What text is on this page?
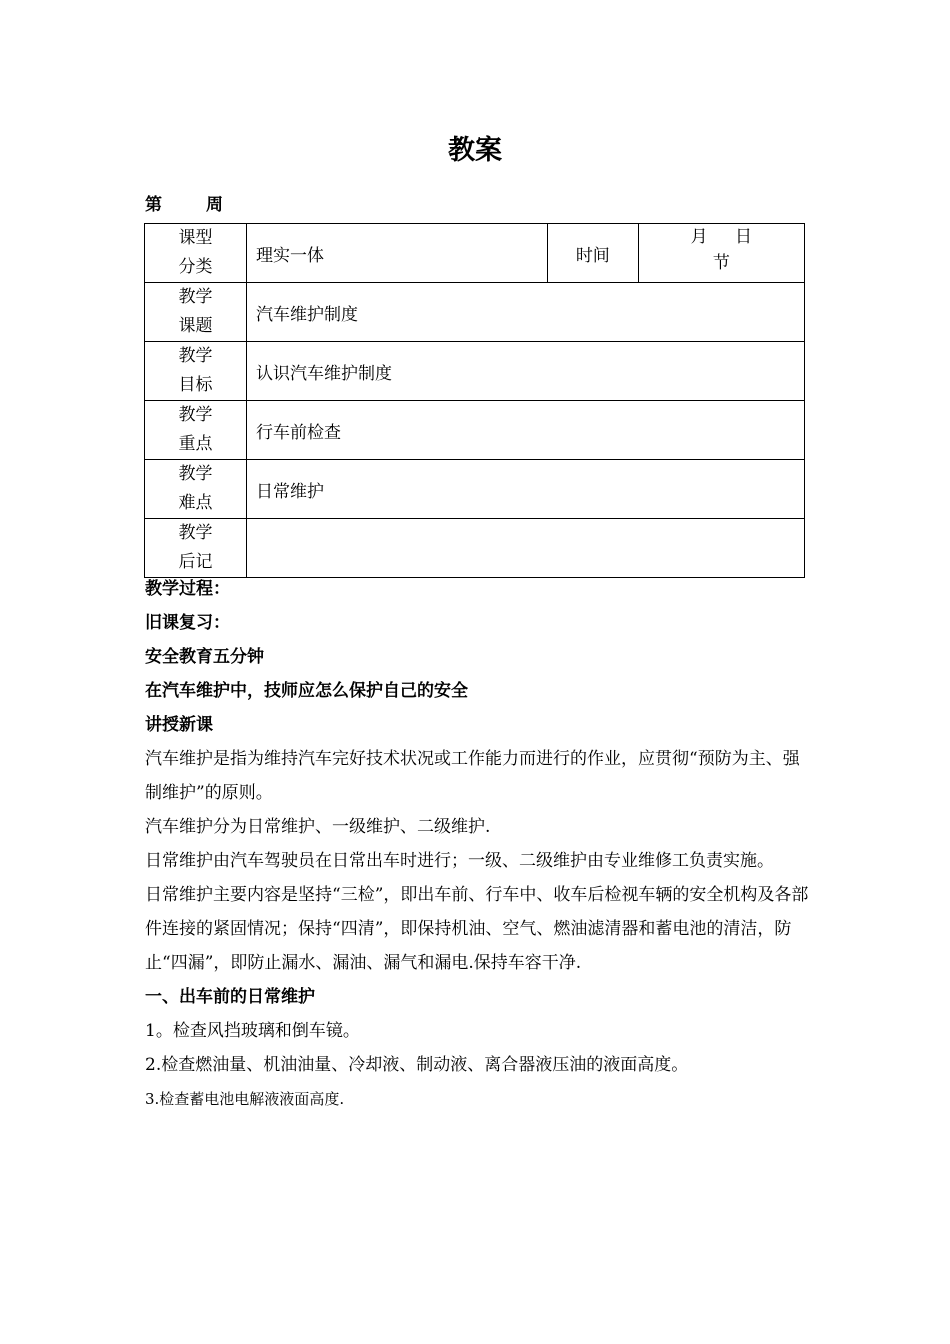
教案
第	周
课型
分类	理实一体	时间	月 日
节

教学
课题	汽车维护制度		

教学
目标	认识汽车维护制度		

教学
重点	行车前检查		

教学
难点	日常维护		

教学
后记			

教学过程：

旧课复习：

安全教育五分钟

在汽车维护中，技师应怎么保护自己的安全

讲授新课

汽车维护是指为维持汽车完好技术状况或工作能力而进行的作业，应贯彻“预防为主、强制维护”的原则。

汽车维护分为日常维护、一级维护、二级维护.

日常维护由汽车驾驶员在日常出车时进行；一级、二级维护由专业维修工负责实施。

日常维护主要内容是坚持“三检”，即出车前、行车中、收车后检视车辆的安全机构及各部件连接的紧固情况；保持“四清”，即保持机油、空气、燃油滤清器和蓄电池的清洁，防止“四漏”，即防止漏水、漏油、漏气和漏电.保持车容干净.

一、出车前的日常维护

1。检查风挡玻璃和倒车镜。

2.检查燃油量、机油油量、冷却液、制动液、离合器液压油的液面高度。

3.检查蓄电池电解液液面高度.
